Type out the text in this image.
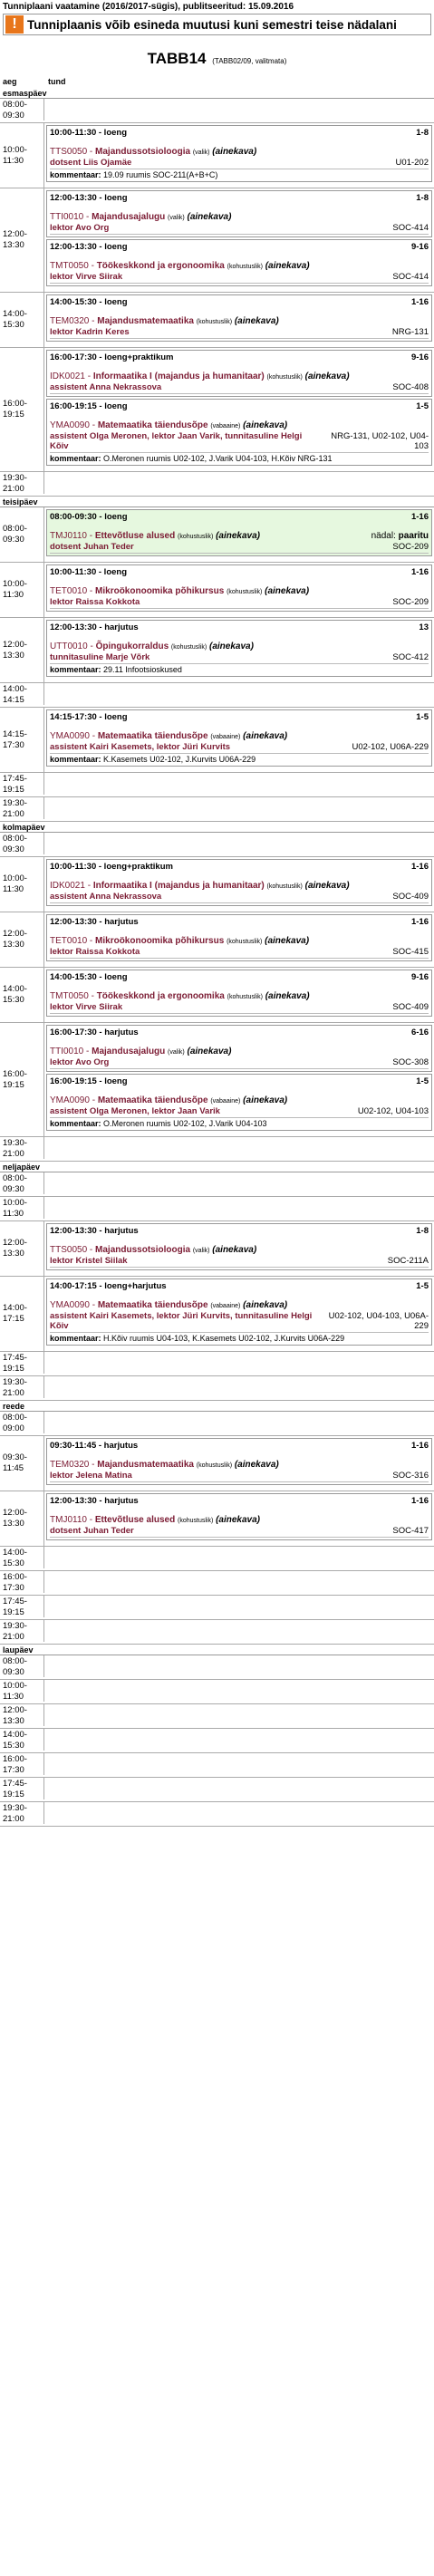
Tunniplaani vaatamine (2016/2017-sügis), publitseeritud: 15.09.2016
! Tunniplaanis võib esineda muutusi kuni semestri teise nädalani
TABB14 (TABB02/09, valitmata)
aeg	tund
esmaspäev
08:00-
09:30
10:00-
11:30
10:00-11:30 - loeng	1-8
TTS0050 - Majandussotsioloogia (valik) (ainekava)
dotsent Liis Ojamäe	U01-202
kommentaar: 19.09 ruumis SOC-211(A+B+C)
12:00-
13:30
12:00-13:30 - loeng	1-8
TTI0010 - Majandusajalugu (valik) (ainekava)
lektor Avo Org	SOC-414
12:00-13:30 - loeng	9-16
TMT0050 - Töökeskkond ja ergonoomika (kohustuslik) (ainekava)
lektor Virve Siirak	SOC-414
14:00-
15:30
14:00-15:30 - loeng	1-16
TEM0320 - Majandusmatemaatika (kohustuslik) (ainekava)
lektor Kadrin Keres	NRG-131
16:00-
19:15
16:00-17:30 - loeng+praktikum	9-16
IDK0021 - Informaatika I (majandus ja humanitaar) (kohustuslik) (ainekava)
assistent Anna Nekrassova	SOC-408
16:00-19:15 - loeng	1-5
YMA0090 - Matemaatika täiendusõpe (vabaaine) (ainekava)
assistent Olga Meronen, lektor Jaan Varik, tunnitasuline Helgi Kõiv
NRG-131, U02-102, U04-103
kommentaar: O.Meronen ruumis U02-102, J.Varik U04-103, H.Kõiv NRG-131
19:30-
21:00
teisipäev
08:00-
09:30
08:00-09:30 - loeng	1-16
TMJ0110 - Ettevõtluse alused (kohustuslik) (ainekava)	nädal: paaritu
dotsent Juhan Teder	SOC-209
10:00-
11:30
10:00-11:30 - loeng	1-16
TET0010 - Mikroökonoomika põhikursus (kohustuslik) (ainekava)
lektor Raissa Kokkota	SOC-209
12:00-
13:30
12:00-13:30 - harjutus	13
UTT0010 - Õpingukorraldus (kohustuslik) (ainekava)
tunnitasuline Marje Võrk	SOC-412
kommentaar: 29.11 Infootsioskused
14:00-
14:15
14:15-
17:30
14:15-17:30 - loeng	1-5
YMA0090 - Matemaatika täiendusõpe (vabaaine) (ainekava)
assistent Kairi Kasemets, lektor Jüri Kurvits	U02-102, U06A-229
kommentaar: K.Kasemets U02-102, J.Kurvits U06A-229
17:45-
19:15
19:30-
21:00
kolmapäev
08:00-
09:30
10:00-
11:30
10:00-11:30 - loeng+praktikum	1-16
IDK0021 - Informaatika I (majandus ja humanitaar) (kohustuslik) (ainekava)
assistent Anna Nekrassova	SOC-409
12:00-
13:30
12:00-13:30 - harjutus	1-16
TET0010 - Mikroökonoomika põhikursus (kohustuslik) (ainekava)
lektor Raissa Kokkota	SOC-415
14:00-
15:30
14:00-15:30 - loeng	9-16
TMT0050 - Töökeskkond ja ergonoomika (kohustuslik) (ainekava)
lektor Virve Siirak	SOC-409
16:00-
19:15
16:00-17:30 - harjutus	6-16
TTI0010 - Majandusajalugu (valik) (ainekava)
lektor Avo Org	SOC-308
16:00-19:15 - loeng	1-5
YMA0090 - Matemaatika täiendusõpe (vabaaine) (ainekava)
assistent Olga Meronen, lektor Jaan Varik	U02-102, U04-103
kommentaar: O.Meronen ruumis U02-102, J.Varik U04-103
19:30-
21:00
neljapäev
08:00-
09:30
10:00-
11:30
12:00-
13:30
12:00-13:30 - harjutus	1-8
TTS0050 - Majandussotsioloogia (valik) (ainekava)
lektor Kristel Siilak	SOC-211A
14:00-
17:15
14:00-17:15 - loeng+harjutus	1-5
YMA0090 - Matemaatika täiendusõpe (vabaaine) (ainekava)
assistent Kairi Kasemets, lektor Jüri Kurvits, tunnitasuline Helgi Kõiv
U02-102, U04-103, U06A-229
kommentaar: H.Kõiv ruumis U04-103, K.Kasemets U02-102, J.Kurvits U06A-229
17:45-
19:15
19:30-
21:00
reede
08:00-
09:00
09:30-
11:45
09:30-11:45 - harjutus	1-16
TEM0320 - Majandusmatemaatika (kohustuslik) (ainekava)
lektor Jelena Matina	SOC-316
12:00-
13:30
12:00-13:30 - harjutus	1-16
TMJ0110 - Ettevõtluse alused (kohustuslik) (ainekava)
dotsent Juhan Teder	SOC-417
14:00-
15:30
16:00-
17:30
17:45-
19:15
19:30-
21:00
laupäev
08:00-
09:30
10:00-
11:30
12:00-
13:30
14:00-
15:30
16:00-
17:30
17:45-
19:15
19:30-
21:00
